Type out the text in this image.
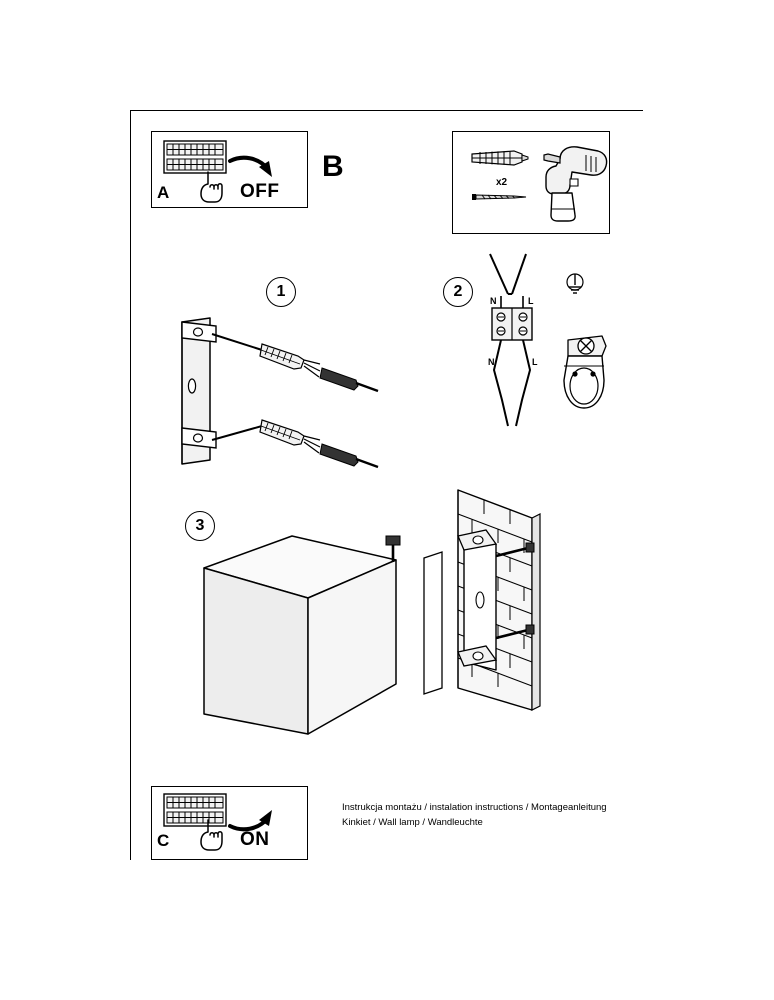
A	OFF
B	x2
1	2
N	L
N	L
3
C	ON
Instrukcja montażu / instalation instructions / Montageanleitung
Kinkiet / Wall lamp / Wandleuchte
